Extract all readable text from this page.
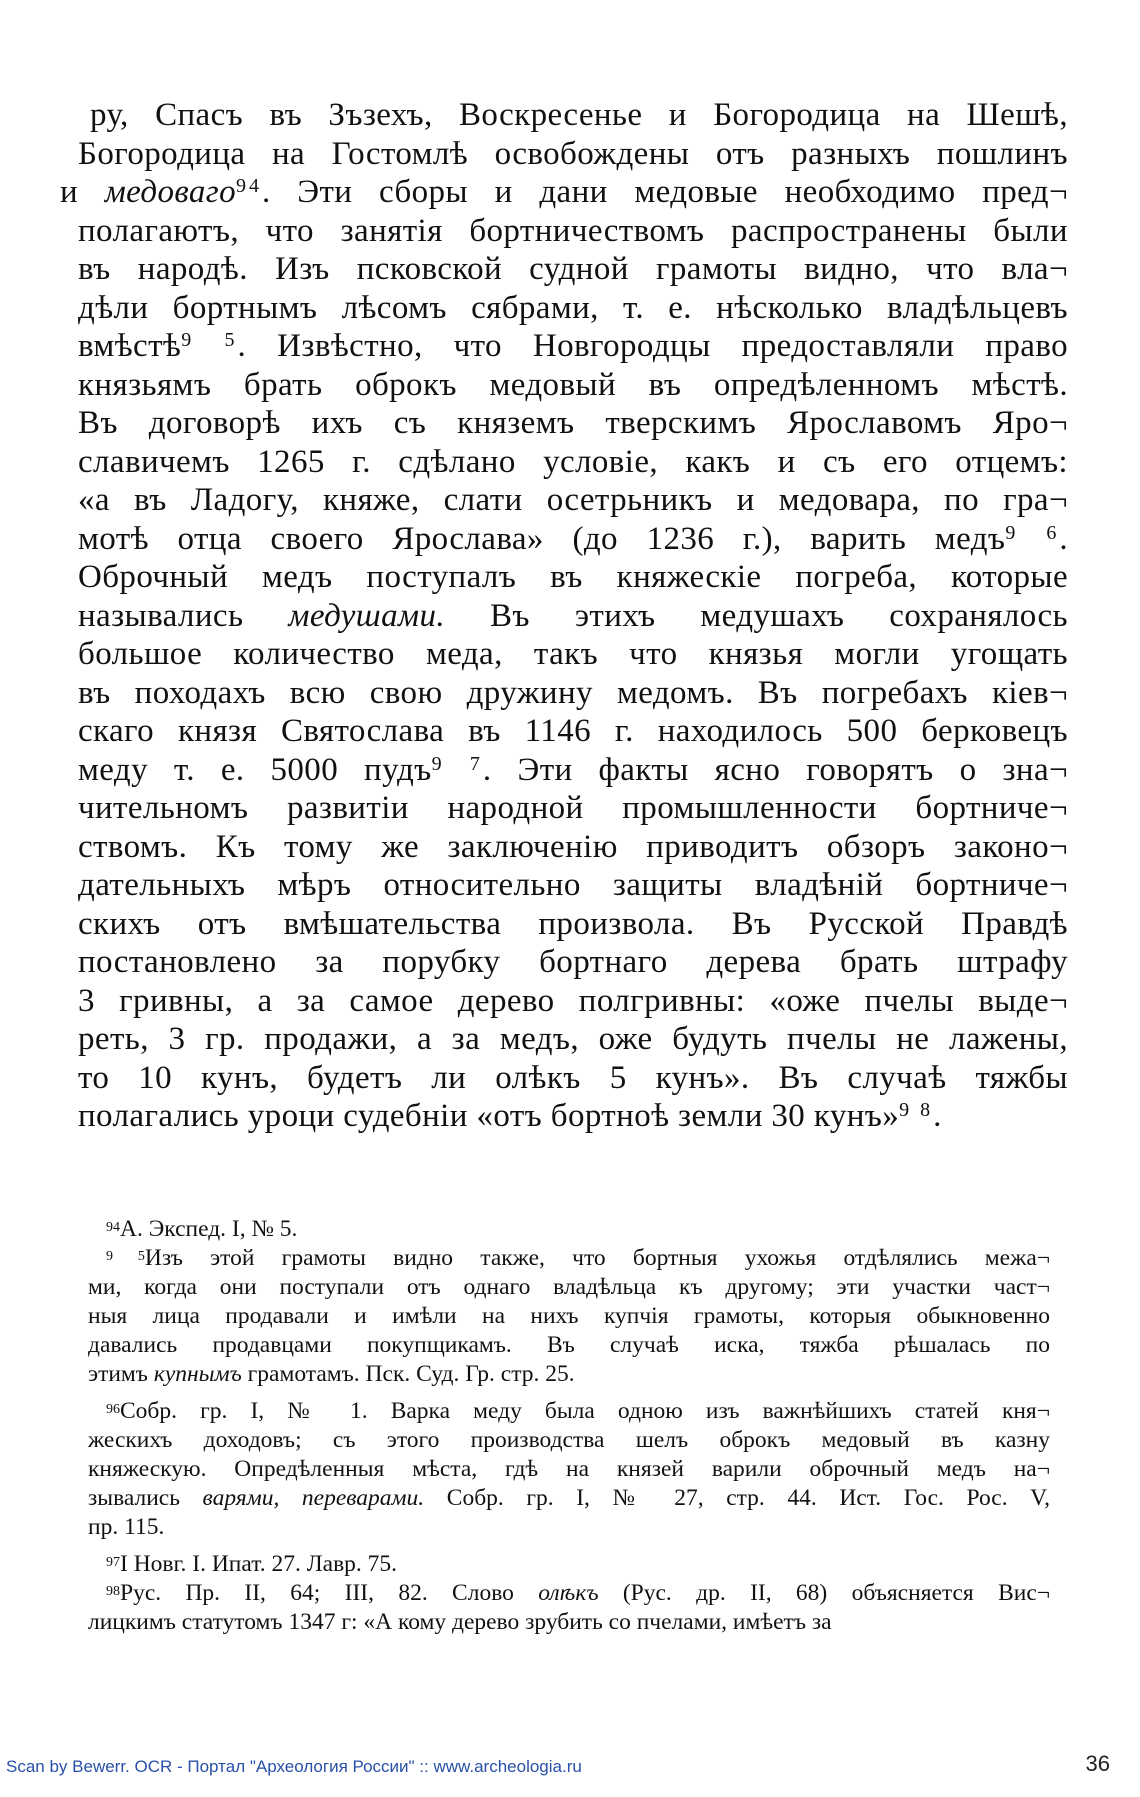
ру, Спасъ въ Зъзехъ, Воскресенье и Богородица на Шешѣ,
Богородица на Гостомлѣ освобождены отъ разныхъ пошлинъ
и медоваго$^{94}$. Эти сборы и дани медовые необходимо пред¬
полагаютъ, что занятія бортничествомъ распространены были
въ народѣ. Изъ псковской судной грамоты видно, что вла¬
дѣли бортнымъ лѣсомъ сябрами, т. е. нѣсколько владѣльцевъ
вмѣстѣ$^{9 5}$. Извѣстно, что Новгородцы предоставляли право
князьямъ брать оброкъ медовый въ опредѣленномъ мѣстѣ.
Въ договорѣ ихъ съ княземъ тверскимъ Ярославомъ Яро¬
славичемъ 1265 г. сдѣлано условіе, какъ и съ его отцемъ:
«а въ Ладогу, княже, слати осетрьникъ и медовара, по гра¬
мотѣ отца своего Ярослава» (до 1236 г.), варить медъ$^{9 6}$.
Оброчный медъ поступалъ въ княжескіе погреба, которые
назывались медушами. Въ этихъ медушахъ сохранялось
большое количество меда, такъ что князья могли угощать
въ походахъ всю свою дружину медомъ. Въ погребахъ кіев¬
скаго князя Святослава въ 1146 г. находилось 500 берковецъ
меду т. е. 5000 пудъ$^{9 7}$. Эти факты ясно говорятъ о зна¬
чительномъ развитіи народной промышленности бортниче¬
ствомъ. Къ тому же заключенію приводитъ обзоръ законо¬
дательныхъ мѣръ относительно защиты владѣній бортниче¬
скихъ отъ вмѣшательства произвола. Въ Русской Правдѣ
постановлено за порубку бортнаго дерева брать штрафу
3 гривны, а за самое дерево полгривны: «оже пчелы выде¬
реть, 3 гр. продажи, а за медъ, оже будуть пчелы не лажены,
то 10 кунъ, будетъ ли олѣкъ 5 кунъ». Въ случаѣ тяжбы
полагались уроци судебніи «отъ бортноѣ земли 30 кунъ»$^{9 8}$.
$^{94}$А. Экспед. I, № 5.
$^{9 5}$Изъ этой грамоты видно также, что бортныя ухожья отдѣлялись межа¬
ми, когда они поступали отъ однаго владѣльца къ другому; эти участки част¬
ныя лица продавали и имѣли на нихъ купчія грамоты, которыя обыкновенно
давались продавцами покупщикамъ. Въ случаѣ иска, тяжба рѣшалась по
этимъ купнымъ грамотамъ. Пск. Суд. Гр. стр. 25.
$^{96}$Собр. гр. I, № 1. Варка меду была одною изъ важнѣйшихъ статей кня¬
жескихъ доходовъ; съ этого производства шелъ оброкъ медовый въ казну
княжескую. Опредѣленныя мѣста, гдѣ на князей варили оброчный медъ на¬
зывались варями, переварами. Собр. гр. I, № 27, стр. 44. Ист. Гос. Рос. V,
пр. 115.
$^{97}$I Новг. I. Ипат. 27. Лавр. 75.
$^{98}$Рус. Пр. II, 64; III, 82. Слово олѣкъ (Рус. др. II, 68) объясняется Вис¬
лицкимъ статутомъ 1347 г: «А кому дерево зрубить со пчелами, имѣетъ за
Scan by Bewerr. OCR - Портал "Археология России" :: www.archeologia.ru	36
